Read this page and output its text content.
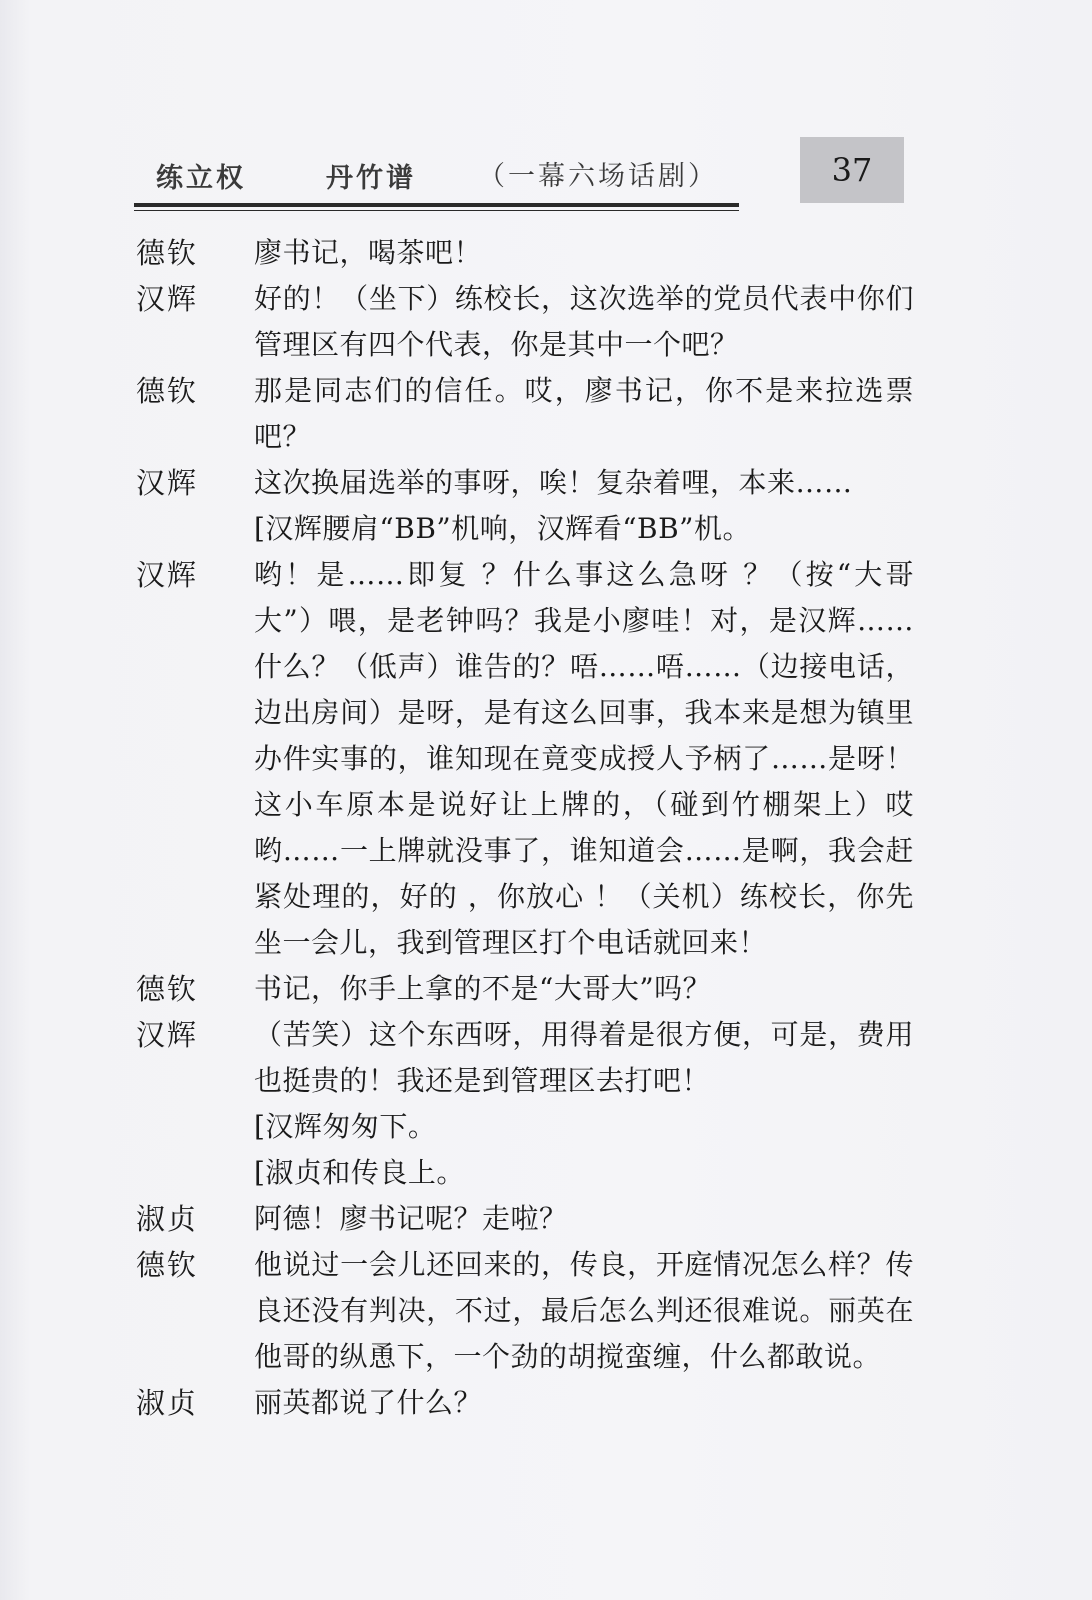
练立权	丹竹谱 （一幕六场话剧）	37
德钦	廖书记，喝茶吧！
汉辉	好的！（坐下）练校长，这次选举的党员代表中你们管理区有四个代表，你是其中一个吧？
德钦	那是同志们的信任。哎，廖书记，你不是来拉选票吧？
汉辉	这次换届选举的事呀，唉！复杂着哩，本来……
[汉辉腰肩“BB”机响，汉辉看“BB”机。
汉辉	哟！是……即复 ？什么事这么急呀 ？（按“大哥大”）喂，是老钟吗？我是小廖哇！对，是汉辉……什么？（低声）谁告的？唔……唔……（边接电话，边出房间）是呀，是有这么回事，我本来是想为镇里办件实事的，谁知现在竟变成授人予柄了……是呀！这小车原本是说好让上牌的，（碰到竹棚架上）哎哟……一上牌就没事了，谁知道会……是啊，我会赶紧处理的，好的 ，你放心 ！（关机）练校长，你先坐一会儿，我到管理区打个电话就回来！
德钦	书记，你手上拿的不是“大哥大”吗？
汉辉	（苦笑）这个东西呀，用得着是很方便，可是，费用也挺贵的！我还是到管理区去打吧！
[汉辉匆匆下。
[淑贞和传良上。
淑贞	阿德！廖书记呢？走啦？
德钦	他说过一会儿还回来的，传良，开庭情况怎么样？传良还没有判决，不过，最后怎么判还很难说。丽英在他哥的纵恿下，一个劲的胡搅蛮缠，什么都敢说。
淑贞	丽英都说了什么？
